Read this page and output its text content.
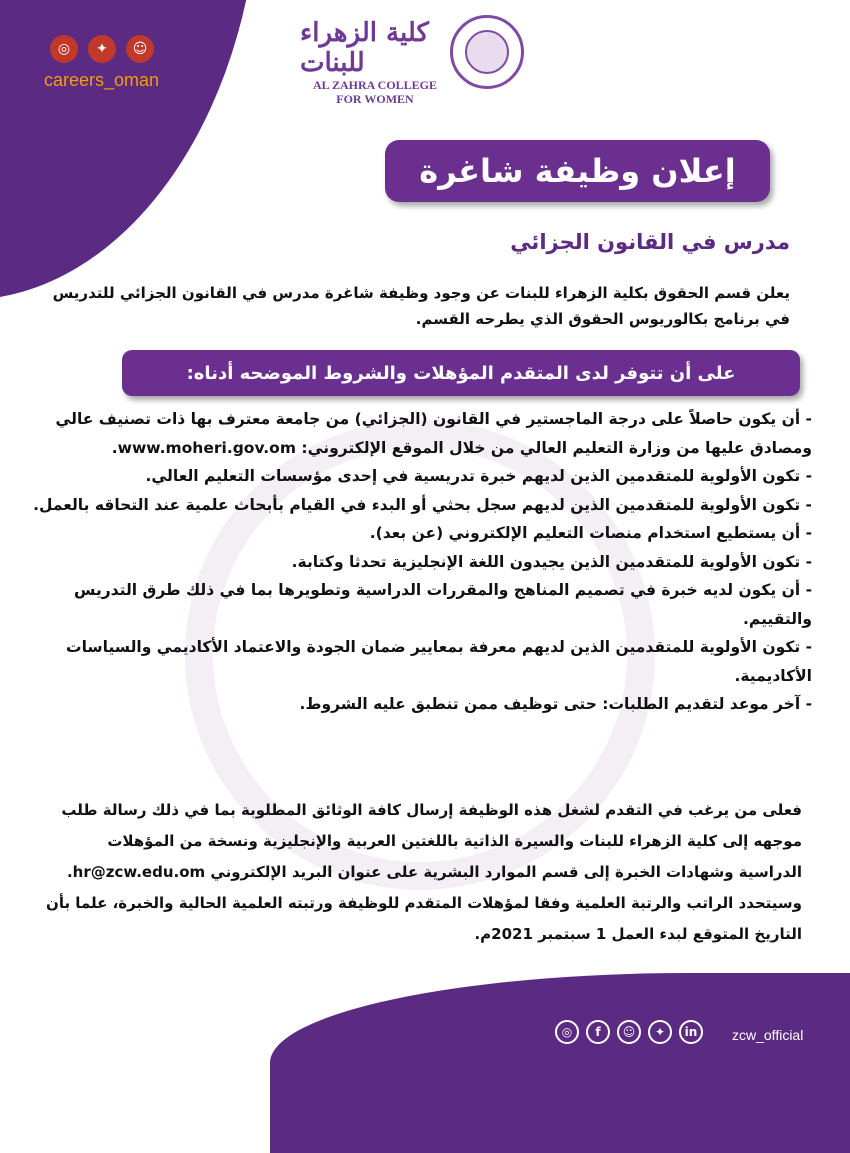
◎	✦	☺
careers_oman
كلية الزهراء للبنات
AL ZAHRA COLLEGE
FOR WOMEN
إعلان وظيفة شاغرة
مدرس في القانون الجزائي
يعلن قسم الحقوق بكلية الزهراء للبنات عن وجود وظيفة شاغرة مدرس في القانون الجزائي للتدريس في برنامج بكالوريوس الحقوق الذي يطرحه القسم.
على أن تتوفر لدى المتقدم المؤهلات والشروط الموضحه أدناه:
- أن يكون حاصلاً على درجة الماجستير في القانون (الجزائي) من جامعة معترف بها ذات تصنيف عالي ومصادق عليها من وزارة التعليم العالي من خلال الموقع الإلكتروني: www.moheri.gov.om.
- تكون الأولوية للمتقدمين الذين لديهم خبرة تدريسية في إحدى مؤسسات التعليم العالي.
- تكون الأولوية للمتقدمين الذين لديهم سجل بحثي أو البدء في القيام بأبحاث علمية عند التحاقه بالعمل.
- أن يستطيع استخدام منصات التعليم الإلكتروني (عن بعد).
- تكون الأولوية للمتقدمين الذين يجيدون اللغة الإنجليزية تحدثا وكتابة.
- أن يكون لديه خبرة في تصميم المناهج والمقررات الدراسية وتطويرها بما في ذلك طرق التدريس والتقييم.
- تكون الأولوية للمتقدمين الذين لديهم معرفة بمعايير ضمان الجودة والاعتماد الأكاديمي والسياسات الأكاديمية.
- آخر موعد لتقديم الطلبات: حتى توظيف ممن تنطبق عليه الشروط.
فعلى من يرغب في التقدم لشغل هذه الوظيفة إرسال كافة الوثائق المطلوبة بما في ذلك رسالة طلب موجهه إلى كلية الزهراء للبنات والسيرة الذاتية باللغتين العربية والإنجليزية ونسخة من المؤهلات الدراسية وشهادات الخبرة إلى قسم الموارد البشرية على عنوان البريد الإلكتروني hr@zcw.edu.om. وسيتحدد الراتب والرتبة العلمية وفقا لمؤهلات المتقدم للوظيفة ورتبته العلمية الحالية والخبرة، علما بأن التاريخ المتوقع لبدء العمل 1 سبتمبر 2021م.
◎	f	☺	✦	in	zcw_official
